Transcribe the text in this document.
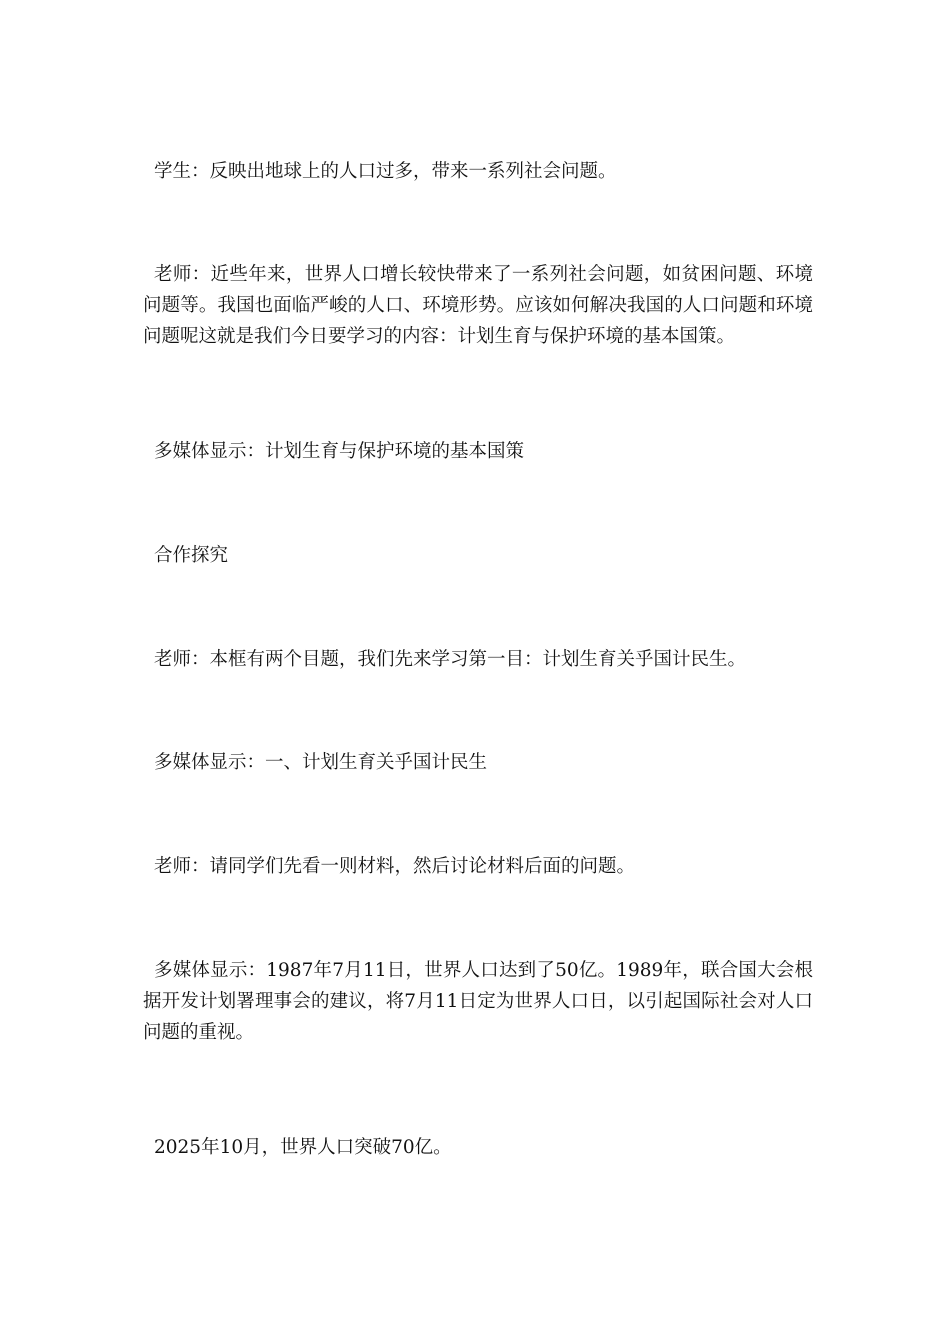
学生：反映出地球上的人口过多，带来一系列社会问题。

老师：近些年来，世界人口增长较快带来了一系列社会问题，如贫困问题、环境问题等。我国也面临严峻的人口、环境形势。应该如何解决我国的人口问题和环境问题呢这就是我们今日要学习的内容：计划生育与保护环境的基本国策。

多媒体显示：计划生育与保护环境的基本国策

合作探究

老师：本框有两个目题，我们先来学习第一目：计划生育关乎国计民生。

多媒体显示：一、计划生育关乎国计民生

老师：请同学们先看一则材料，然后讨论材料后面的问题。

多媒体显示：1987年7月11日，世界人口达到了50亿。1989年，联合国大会根据开发计划署理事会的建议，将7月11日定为世界人口日，以引起国际社会对人口问题的重视。

2025年10月，世界人口突破70亿。
